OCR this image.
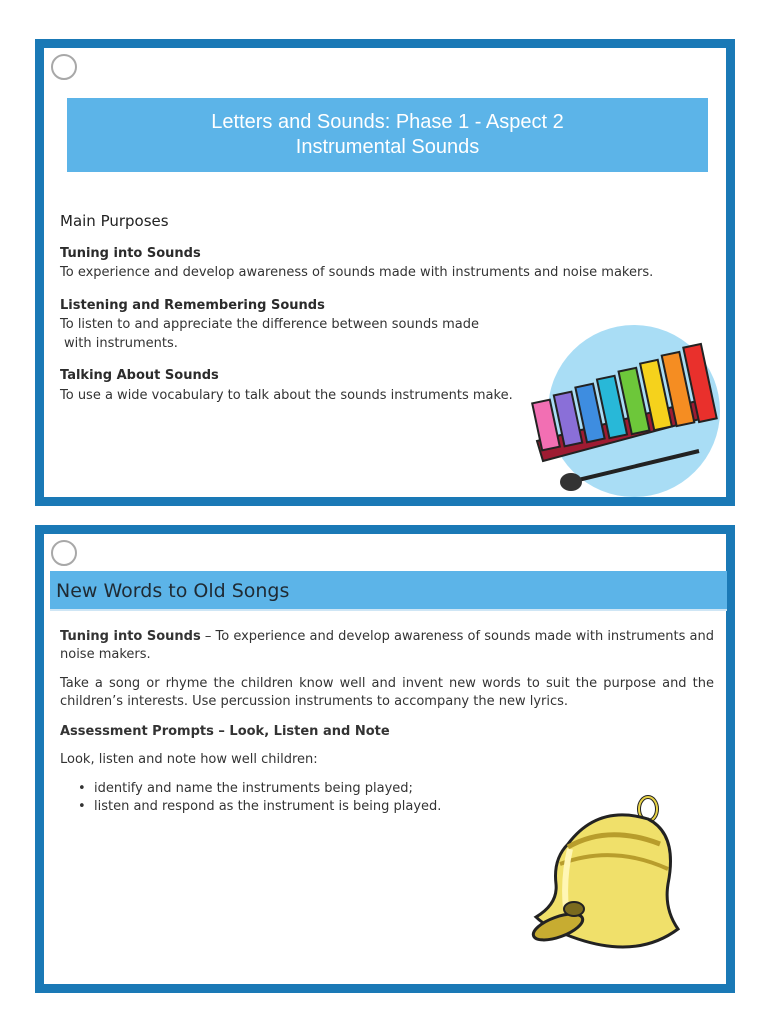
Letters and Sounds: Phase 1 - Aspect 2
Instrumental Sounds
Main Purposes
Tuning into Sounds
To experience and develop awareness of sounds made with instruments and noise makers.
Listening and Remembering Sounds
To listen to and appreciate the difference between sounds made
with instruments.
Talking About Sounds
To use a wide vocabulary to talk about the sounds instruments make.
New Words to Old Songs
Tuning into Sounds – To experience and develop awareness of sounds made with instruments and noise makers.
Take a song or rhyme the children know well and invent new words to suit the purpose and the children’s interests. Use percussion instruments to accompany the new lyrics.
Assessment Prompts – Look, Listen and Note
Look, listen and note how well children:
• identify and name the instruments being played;
• listen and respond as the instrument is being played.
